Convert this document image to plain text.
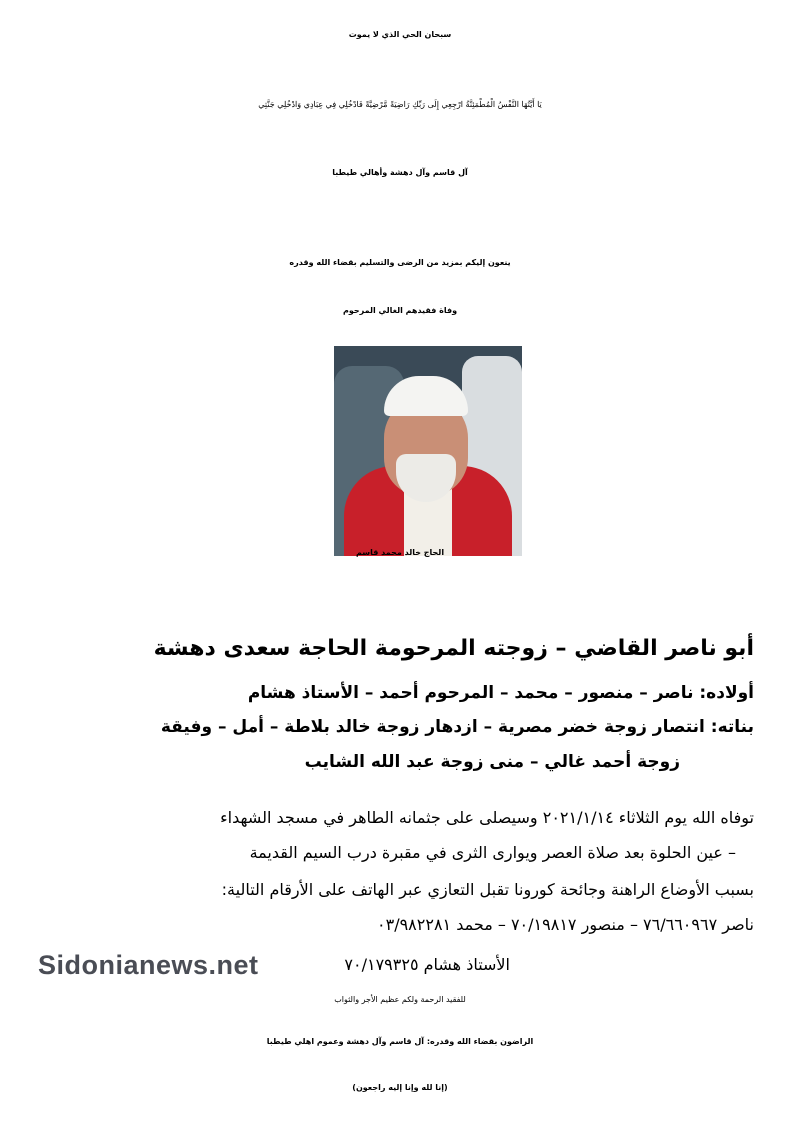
سبحان الحي الذي لا يموت
يَا أَيَّتُهَا النَّفْسُ الْمُطْمَئِنَّةُ ارْجِعِي إِلَى رَبِّكِ رَاضِيَةً مَّرْضِيَّةً فَادْخُلِي فِي عِبَادِي وَادْخُلِي جَنَّتِي
آل قاسم وآل دهشة وأهالي طيطبا
ينعون إليكم بمزيد من الرضى والتسليم بقضاء الله وقدره
وفاة فقيدهم الغالي المرحوم
الحاج خالد محمد قاسم
أبو ناصر القاضي – زوجته المرحومة الحاجة سعدى دهشة
أولاده: ناصر – منصور – محمد – المرحوم أحمد – الأستاذ هشام
بناته: انتصار زوجة خضر مصرية – ازدهار زوجة خالد بلاطة – أمل – وفيقة
زوجة أحمد غالي – منى زوجة عبد الله الشايب
توفاه الله يوم الثلاثاء ٢٠٢١/١/١٤ وسيصلى على جثمانه الطاهر في مسجد الشهداء
– عين الحلوة بعد صلاة العصر ويوارى الثرى في مقبرة درب السيم القديمة
بسبب الأوضاع الراهنة وجائحة كورونا تقبل التعازي عبر الهاتف على الأرقام التالية:
ناصر ٧٦/٦٦٠٩٦٧ – منصور ٧٠/١٩٨١٧ – محمد ٠٣/٩٨٢٢٨١
الأستاذ هشام ٧٠/١٧٩٣٢٥
Sidonianews.net
للفقيد الرحمة ولكم عظيم الأجر والثواب
الراضون بقضاء الله وقدره: آل قاسم وآل دهشة وعموم اهلي طيطبا
(إنا لله وإنا إليه راجعون)
